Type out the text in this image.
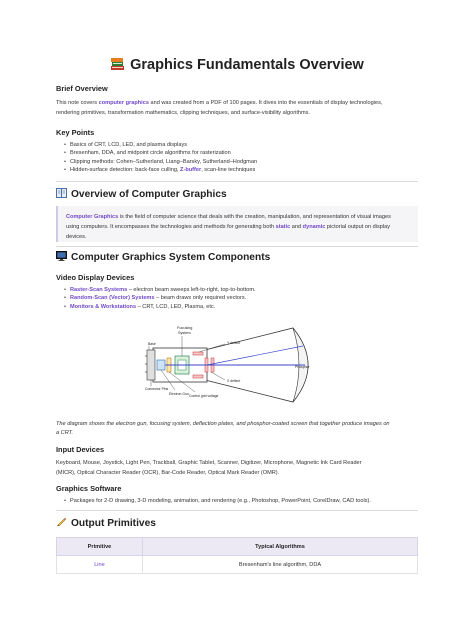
Graphics Fundamentals Overview
Brief Overview
This note covers computer graphics and was created from a PDF of 100 pages. It dives into the essentials of display technologies,
rendering primitives, transformation mathematics, clipping techniques, and surface-visibility algorithms.
Key Points
• Basics of CRT, LCD, LED, and plasma displays
• Bresenham, DDA, and midpoint circle algorithms for rasterization
• Clipping methods: Cohen–Sutherland, Liang–Barsky, Sutherland–Hodgman
• Hidden-surface detection: back-face culling, Z-buffer, scan-line techniques
Overview of Computer Graphics
Computer Graphics is the field of computer science that deals with the creation, manipulation, and representation of visual images
using computers. It encompasses the technologies and methods for generating both static and dynamic pictorial output on display
devices.
Computer Graphics System Components
Video Display Devices
• Raster-Scan Systems – electron beam sweeps left-to-right, top-to-bottom.
• Random-Scan (Vector) Systems – beam draws only required vectors.
• Monitors & Workstations – CRT, LCD, LED, Plasma, etc.
Focusing
System
Y deflect
X deflect
Phosphor
Base
Connector Pins
Electron Gun Control grid voltage
The diagram shows the electron gun, focusing system, deflection plates, and phosphor-coated screen that together produce images on
a CRT.
Input Devices
Keyboard, Mouse, Joystick, Light Pen, Trackball, Graphic Tablet, Scanner, Digitizer, Microphone, Magnetic Ink Card Reader
(MICR), Optical Character Reader (OCR), Bar-Code Reader, Optical Mark Reader (OMR).
Graphics Software
• Packages for 2-D drawing, 3-D modeling, animation, and rendering (e.g., Photoshop, PowerPoint, CorelDraw, CAD tools).
Output Primitives
Primitive	Typical Algorithms
Line	Bresenham's line algorithm, DDA
